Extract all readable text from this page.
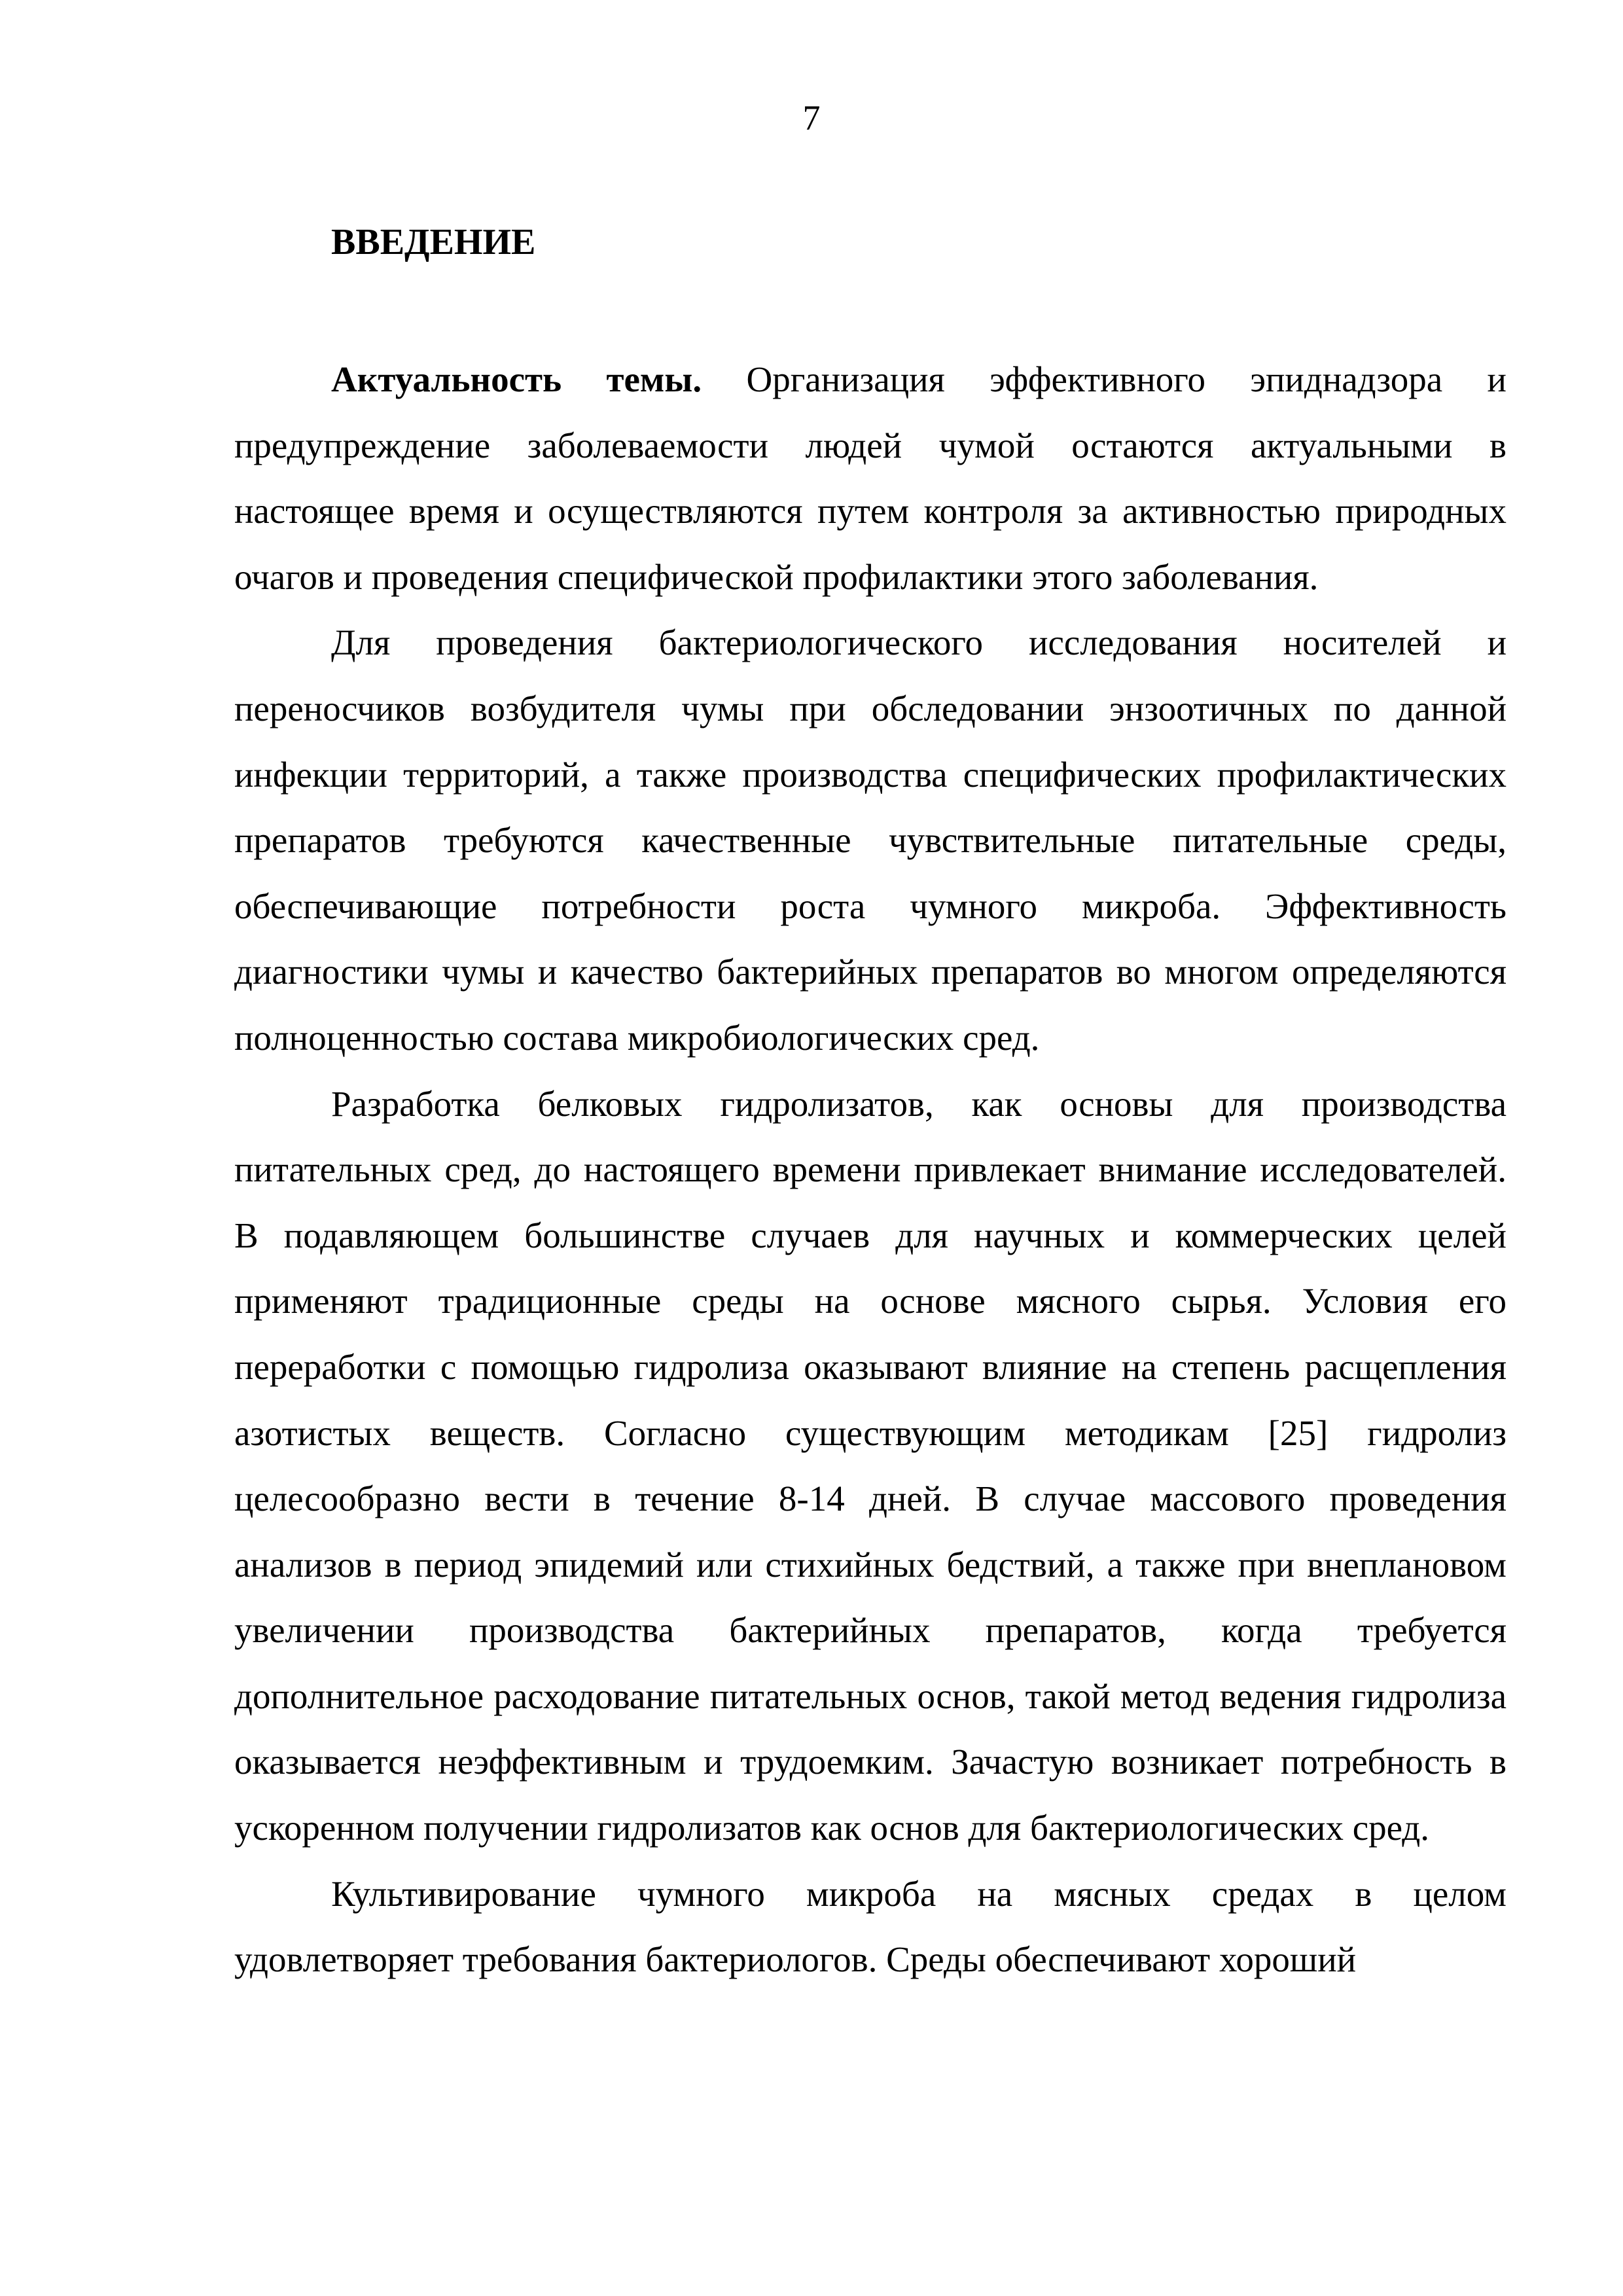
7
ВВЕДЕНИЕ

Актуальность темы. Организация эффективного эпиднадзора и предупреждение заболеваемости людей чумой остаются актуальными в настоящее время и осуществляются путем контроля за активностью природных очагов и проведения специфической профилактики этого заболевания.

Для проведения бактериологического исследования носителей и переносчиков возбудителя чумы при обследовании энзоотичных по данной инфекции территорий, а также производства специфических профилактических препаратов требуются качественные чувствительные питательные среды, обеспечивающие потребности роста чумного микроба. Эффективность диагностики чумы и качество бактерийных препаратов во многом определяются полноценностью состава микробиологических сред.

Разработка белковых гидролизатов, как основы для производства питательных сред, до настоящего времени привлекает внимание исследователей. В подавляющем большинстве случаев для научных и коммерческих целей применяют традиционные среды на основе мясного сырья. Условия его переработки с помощью гидролиза оказывают влияние на степень расщепления азотистых веществ. Согласно существующим методикам [25] гидролиз целесообразно вести в течение 8-14 дней. В случае массового проведения анализов в период эпидемий или стихийных бедствий, а также при внеплановом увеличении производства бактерийных препаратов, когда требуется дополнительное расходование питательных основ, такой метод ведения гидролиза оказывается неэффективным и трудоемким. Зачастую возникает потребность в ускоренном получении гидролизатов как основ для бактериологических сред.

Культивирование чумного микроба на мясных средах в целом удовлетворяет требования бактериологов. Среды обеспечивают хороший
